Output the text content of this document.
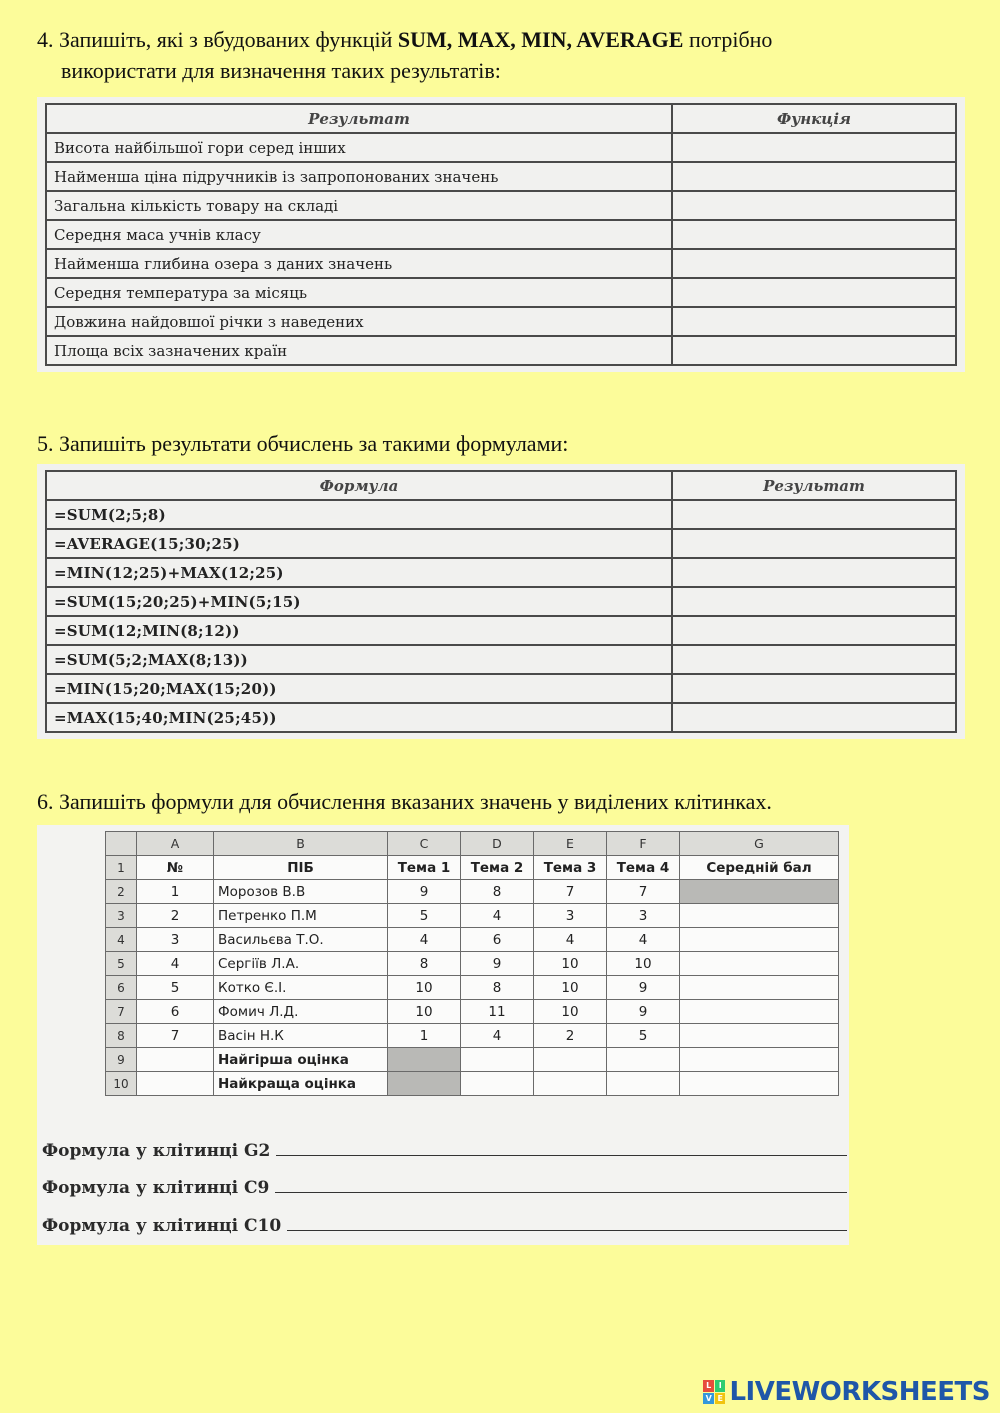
4. Запишіть, які з вбудованих функцій SUM, MAX, MIN, AVERAGE потрібно
використати для визначення таких результатів:
Результат	Функція
Висота найбільшої гори серед інших	
Найменша ціна підручників із запропонованих значень	
Загальна кількість товару на складі	
Середня маса учнів класу	
Найменша глибина озера з даних значень	
Середня температура за місяць	
Довжина найдовшої річки з наведених	
Площа всіх зазначених країн	
5. Запишіть результати обчислень за такими формулами:
Формула	Результат
=SUM(2;5;8)	
=AVERAGE(15;30;25)	
=MIN(12;25)+MAX(12;25)	
=SUM(15;20;25)+MIN(5;15)	
=SUM(12;MIN(8;12))	
=SUM(5;2;MAX(8;13))	
=MIN(15;20;MAX(15;20))	
=MAX(15;40;MIN(25;45))	
6. Запишіть формули для обчислення вказаних значень у виділених клітинках.
	A	B	C	D	E	F	G
1	№	ПІБ	Тема 1	Тема 2	Тема 3	Тема 4	Середній бал
2	1	Морозов В.В	9	8	7	7	
3	2	Петренко П.М	5	4	3	3	
4	3	Васильєва Т.О.	4	6	4	4	
5	4	Сергіїв Л.А.	8	9	10	10	
6	5	Котко Є.І.	10	8	10	9	
7	6	Фомич Л.Д.	10	11	10	9	
8	7	Васін Н.К	1	4	2	5	
9		Найгірша оцінка					
10		Найкраща оцінка					
Формула у клітинці G2
Формула у клітинці C9
Формула у клітинці C10
L I
V E LIVEWORKSHEETS
